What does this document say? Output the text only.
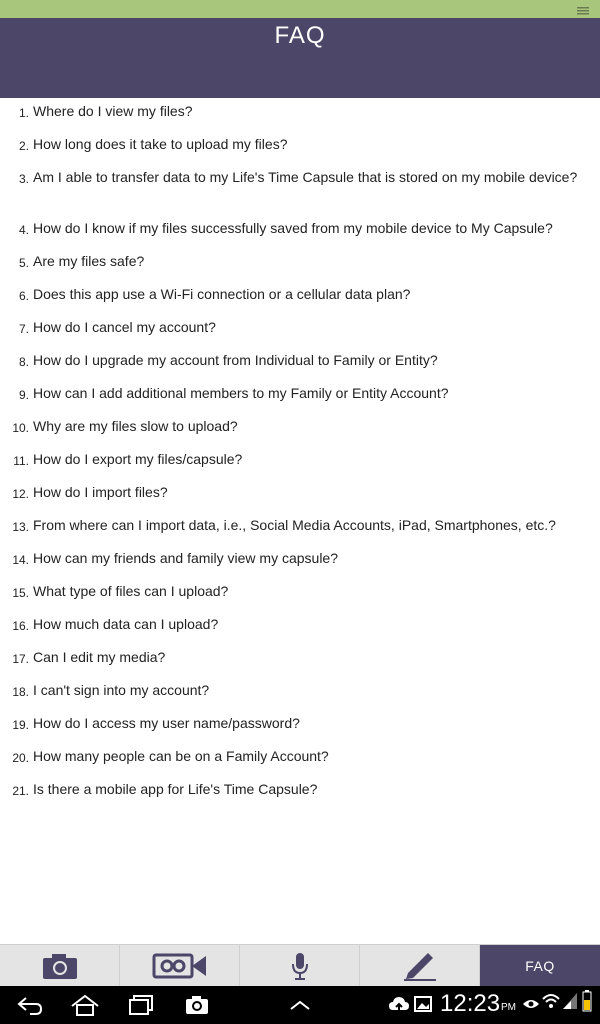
FAQ
1. Where do I view my files?
2. How long does it take to upload my files?
3. Am I able to transfer data to my Life's Time Capsule that is stored on my mobile device?
4. How do I know if my files successfully saved from my mobile device to My Capsule?
5. Are my files safe?
6. Does this app use a Wi-Fi connection or a cellular data plan?
7. How do I cancel my account?
8. How do I upgrade my account from Individual to Family or Entity?
9. How can I add additional members to my Family or Entity Account?
10. Why are my files slow to upload?
11. How do I export my files/capsule?
12. How do I import files?
13. From where can I import data, i.e., Social Media Accounts, iPad, Smartphones, etc.?
14. How can my friends and family view my capsule?
15. What type of files can I upload?
16. How much data can I upload?
17. Can I edit my media?
18. I can't sign into my account?
19. How do I access my user name/password?
20. How many people can be on a Family Account?
21. Is there a mobile app for Life's Time Capsule?
FAQ
12:23 PM
